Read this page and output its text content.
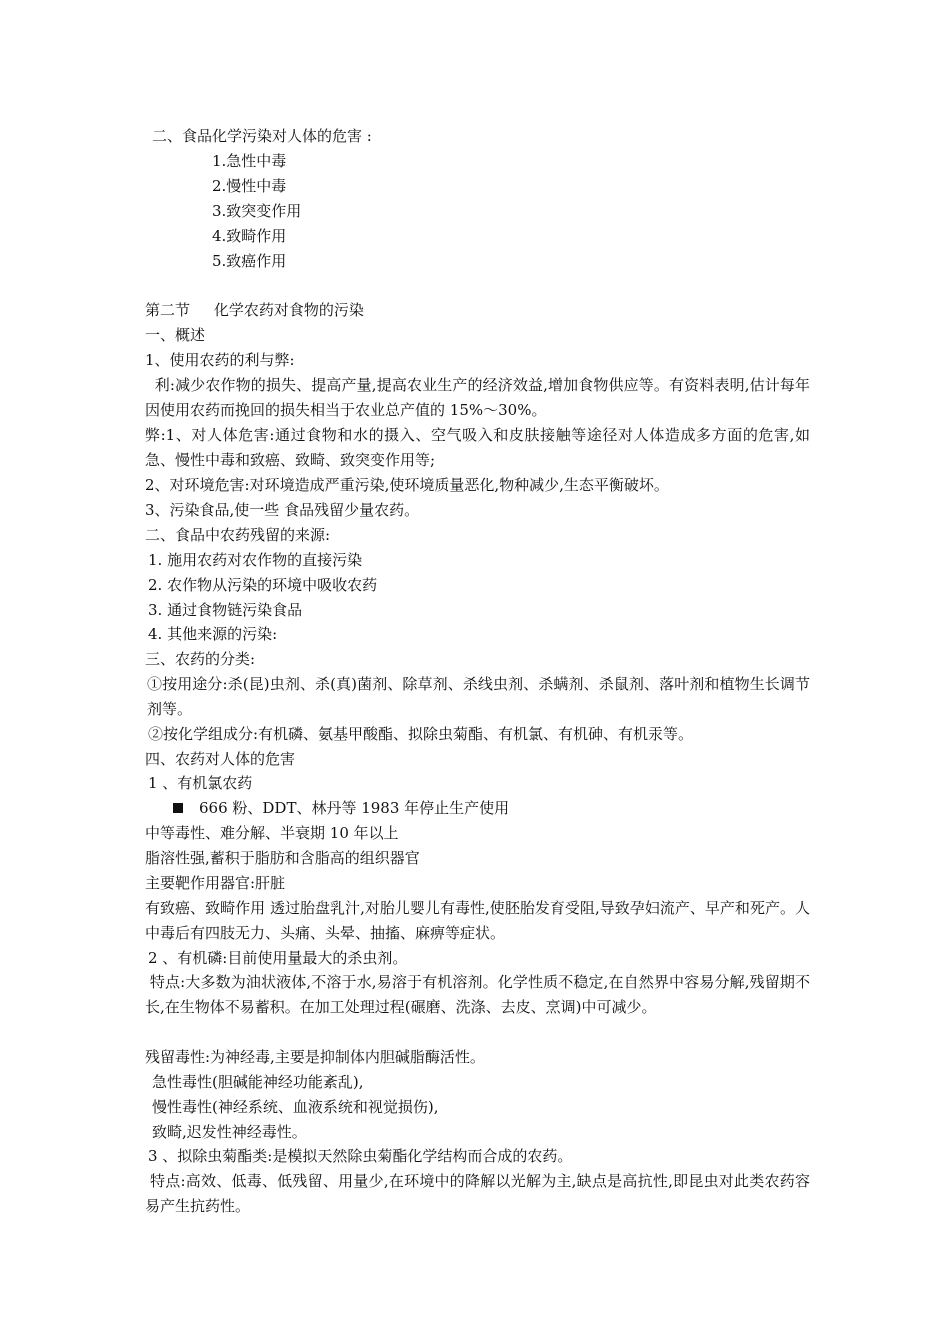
二、食品化学污染对人体的危害 :
1.急性中毒
2.慢性中毒
3.致突变作用
4.致畸作用
5.致癌作用
第二节     化学农药对食物的污染
一、概述
1、使用农药的利与弊:
利:减少农作物的损失、提高产量,提高农业生产的经济效益,增加食物供应等。有资料表明,估计每年因使用农药而挽回的损失相当于农业总产值的 15%～30%。
弊:1、对人体危害:通过食物和水的摄入、空气吸入和皮肤接触等途径对人体造成多方面的危害,如急、慢性中毒和致癌、致畸、致突变作用等;
2、对环境危害:对环境造成严重污染,使环境质量恶化,物种减少,生态平衡破坏。
3、污染食品,使一些 食品残留少量农药。
二、食品中农药残留的来源:
1. 施用农药对农作物的直接污染
2. 农作物从污染的环境中吸收农药
3. 通过食物链污染食品
4. 其他来源的污染:
三、农药的分类:
①按用途分:杀(昆)虫剂、杀(真)菌剂、除草剂、杀线虫剂、杀螨剂、杀鼠剂、落叶剂和植物生长调节剂等。
②按化学组成分:有机磷、氨基甲酸酯、拟除虫菊酯、有机氯、有机砷、有机汞等。
四、农药对人体的危害
1 、有机氯农药
666 粉、DDT、林丹等 1983 年停止生产使用
中等毒性、难分解、半衰期 10 年以上
脂溶性强,蓄积于脂肪和含脂高的组织器官
主要靶作用器官:肝脏
有致癌、致畸作用 透过胎盘乳汁,对胎儿婴儿有毒性,使胚胎发育受阻,导致孕妇流产、早产和死产。人中毒后有四肢无力、头痛、头晕、抽搐、麻痹等症状。
2 、有机磷:目前使用量最大的杀虫剂。
特点:大多数为油状液体,不溶于水,易溶于有机溶剂。化学性质不稳定,在自然界中容易分解,残留期不长,在生物体不易蓄积。在加工处理过程(碾磨、洗涤、去皮、烹调)中可减少。
残留毒性:为神经毒,主要是抑制体内胆碱脂酶活性。
急性毒性(胆碱能神经功能紊乱),
慢性毒性(神经系统、血液系统和视觉损伤),
致畸,迟发性神经毒性。
3 、拟除虫菊酯类:是模拟天然除虫菊酯化学结构而合成的农药。
特点:高效、低毒、低残留、用量少,在环境中的降解以光解为主,缺点是高抗性,即昆虫对此类农药容易产生抗药性。
